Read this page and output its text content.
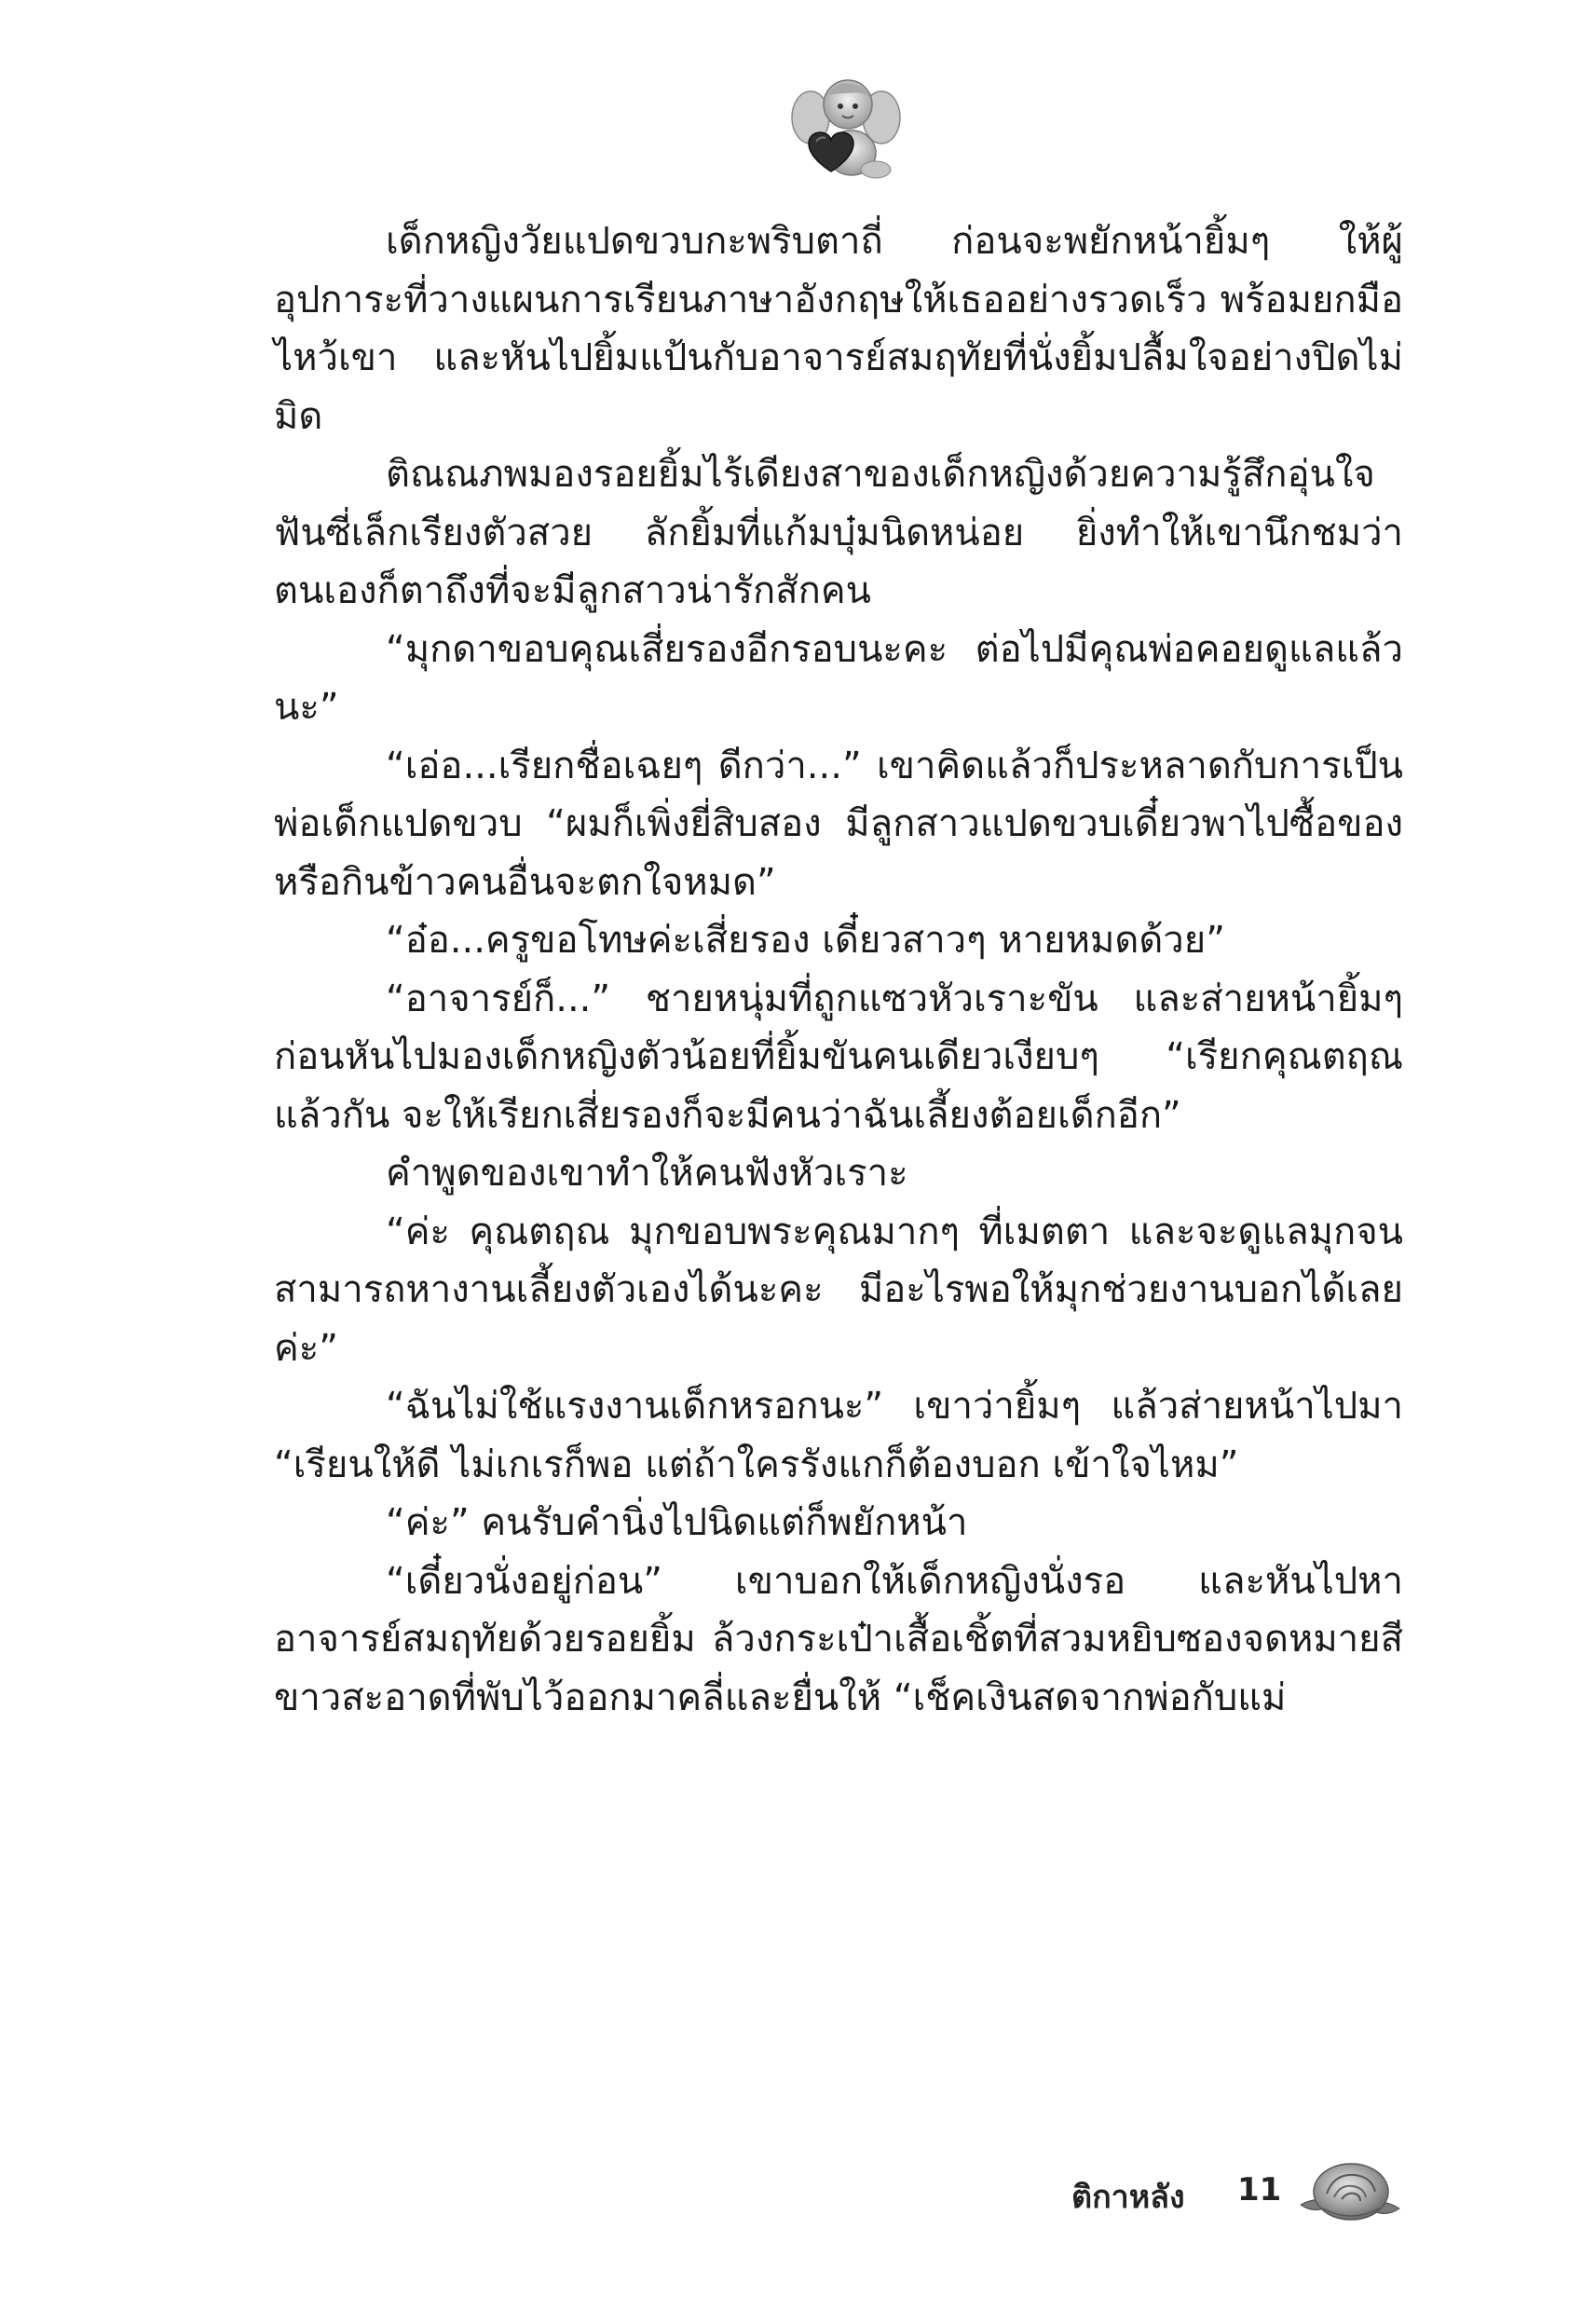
เด็กหญิงวัยแปดขวบกะพริบตาถี่ ก่อนจะพยักหน้ายิ้มๆ ให้ผู้อุปการะที่วางแผนการเรียนภาษาอังกฤษให้เธออย่างรวดเร็ว พร้อมยกมือไหว้เขา และหันไปยิ้มแป้นกับอาจารย์สมฤทัยที่นั่งยิ้มปลื้มใจอย่างปิดไม่มิด

ติณณภพมองรอยยิ้มไร้เดียงสาของเด็กหญิงด้วยความรู้สึกอุ่นใจ ฟันซี่เล็กเรียงตัวสวย ลักยิ้มที่แก้มบุ๋มนิดหน่อย ยิ่งทำให้เขานึกชมว่าตนเองก็ตาถึงที่จะมีลูกสาวน่ารักสักคน

“มุกดาขอบคุณเสี่ยรองอีกรอบนะคะ ต่อไปมีคุณพ่อคอยดูแลแล้วนะ”

“เอ่อ...เรียกชื่อเฉยๆ ดีกว่า...” เขาคิดแล้วก็ประหลาดกับการเป็นพ่อเด็กแปดขวบ “ผมก็เพิ่งยี่สิบสอง มีลูกสาวแปดขวบเดี๋ยวพาไปซื้อของหรือกินข้าวคนอื่นจะตกใจหมด”

“อ๋อ...ครูขอโทษค่ะเสี่ยรอง เดี๋ยวสาวๆ หายหมดด้วย”

“อาจารย์ก็...” ชายหนุ่มที่ถูกแซวหัวเราะขัน และส่ายหน้ายิ้มๆ ก่อนหันไปมองเด็กหญิงตัวน้อยที่ยิ้มขันคนเดียวเงียบๆ “เรียกคุณตฤณแล้วกัน จะให้เรียกเสี่ยรองก็จะมีคนว่าฉันเลี้ยงต้อยเด็กอีก”

คำพูดของเขาทำให้คนฟังหัวเราะ

“ค่ะ คุณตฤณ มุกขอบพระคุณมากๆ ที่เมตตา และจะดูแลมุกจนสามารถหางานเลี้ยงตัวเองได้นะคะ มีอะไรพอให้มุกช่วยงานบอกได้เลยค่ะ”

“ฉันไม่ใช้แรงงานเด็กหรอกนะ” เขาว่ายิ้มๆ แล้วส่ายหน้าไปมา “เรียนให้ดี ไม่เกเรก็พอ แต่ถ้าใครรังแกก็ต้องบอก เข้าใจไหม”

“ค่ะ” คนรับคำนิ่งไปนิดแต่ก็พยักหน้า

“เดี๋ยวนั่งอยู่ก่อน” เขาบอกให้เด็กหญิงนั่งรอ และหันไปหาอาจารย์สมฤทัยด้วยรอยยิ้ม ล้วงกระเป๋าเสื้อเชิ้ตที่สวมหยิบซองจดหมายสีขาวสะอาดที่พับไว้ออกมาคลี่และยื่นให้ “เช็คเงินสดจากพ่อกับแม่

ติกาหลัง 11
